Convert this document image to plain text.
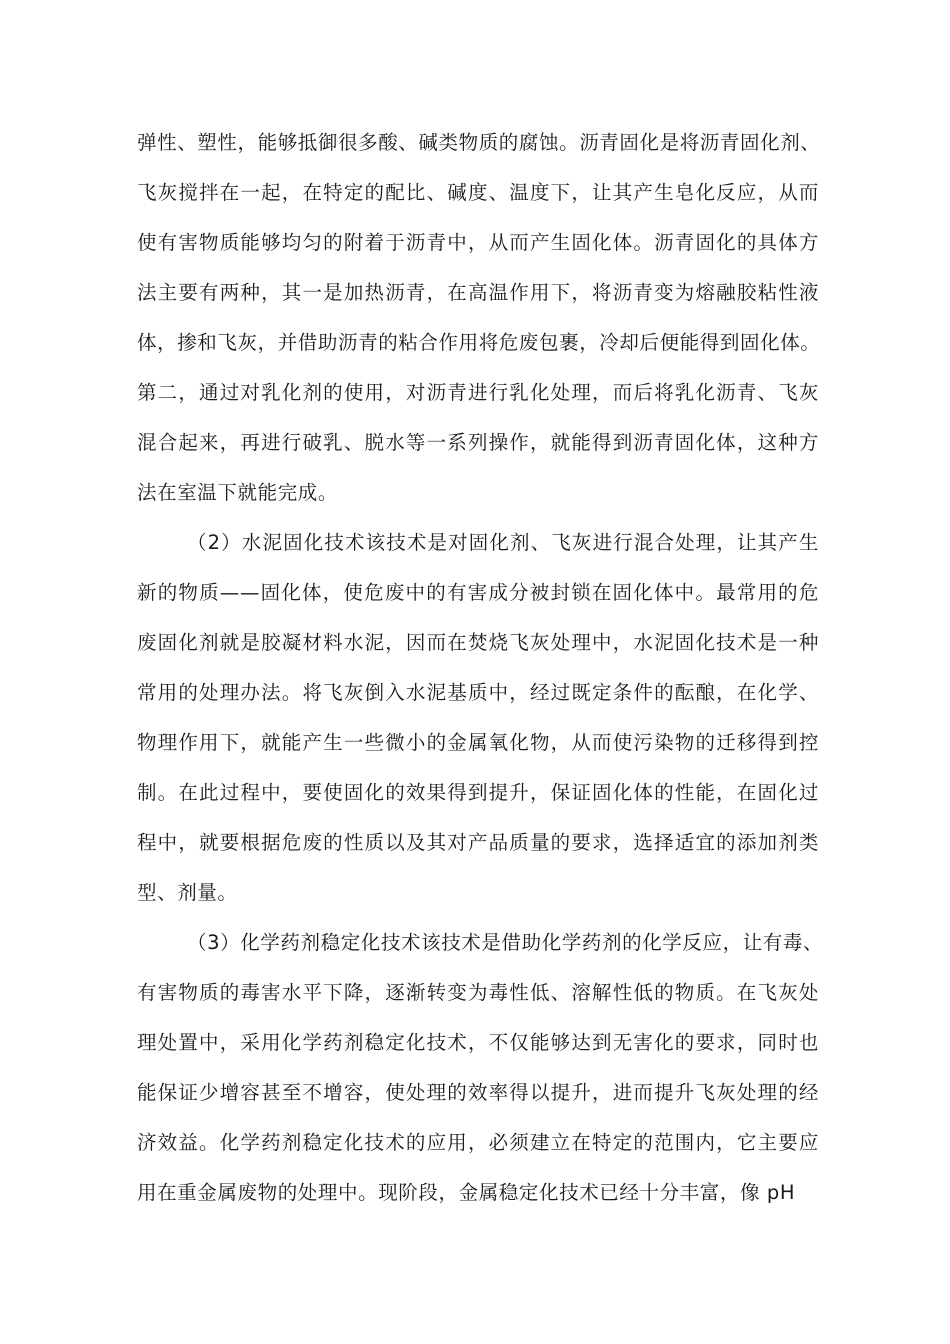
弹性、塑性，能够抵御很多酸、碱类物质的腐蚀。沥青固化是将沥青固化剂、
飞灰搅拌在一起，在特定的配比、碱度、温度下，让其产生皂化反应，从而
使有害物质能够均匀的附着于沥青中，从而产生固化体。沥青固化的具体方
法主要有两种，其一是加热沥青，在高温作用下，将沥青变为熔融胶粘性液
体，掺和飞灰，并借助沥青的粘合作用将危废包裹，冷却后便能得到固化体。
第二，通过对乳化剂的使用，对沥青进行乳化处理，而后将乳化沥青、飞灰
混合起来，再进行破乳、脱水等一系列操作，就能得到沥青固化体，这种方
法在室温下就能完成。
（2）水泥固化技术该技术是对固化剂、飞灰进行混合处理，让其产生
新的物质——固化体，使危废中的有害成分被封锁在固化体中。最常用的危
废固化剂就是胶凝材料水泥，因而在焚烧飞灰处理中，水泥固化技术是一种
常用的处理办法。将飞灰倒入水泥基质中，经过既定条件的酝酿，在化学、
物理作用下，就能产生一些微小的金属氧化物，从而使污染物的迁移得到控
制。在此过程中，要使固化的效果得到提升，保证固化体的性能，在固化过
程中，就要根据危废的性质以及其对产品质量的要求，选择适宜的添加剂类
型、剂量。
（3）化学药剂稳定化技术该技术是借助化学药剂的化学反应，让有毒、
有害物质的毒害水平下降，逐渐转变为毒性低、溶解性低的物质。在飞灰处
理处置中，采用化学药剂稳定化技术，不仅能够达到无害化的要求，同时也
能保证少增容甚至不增容，使处理的效率得以提升，进而提升飞灰处理的经
济效益。化学药剂稳定化技术的应用，必须建立在特定的范围内，它主要应
用在重金属废物的处理中。现阶段，金属稳定化技术已经十分丰富，像 pH
